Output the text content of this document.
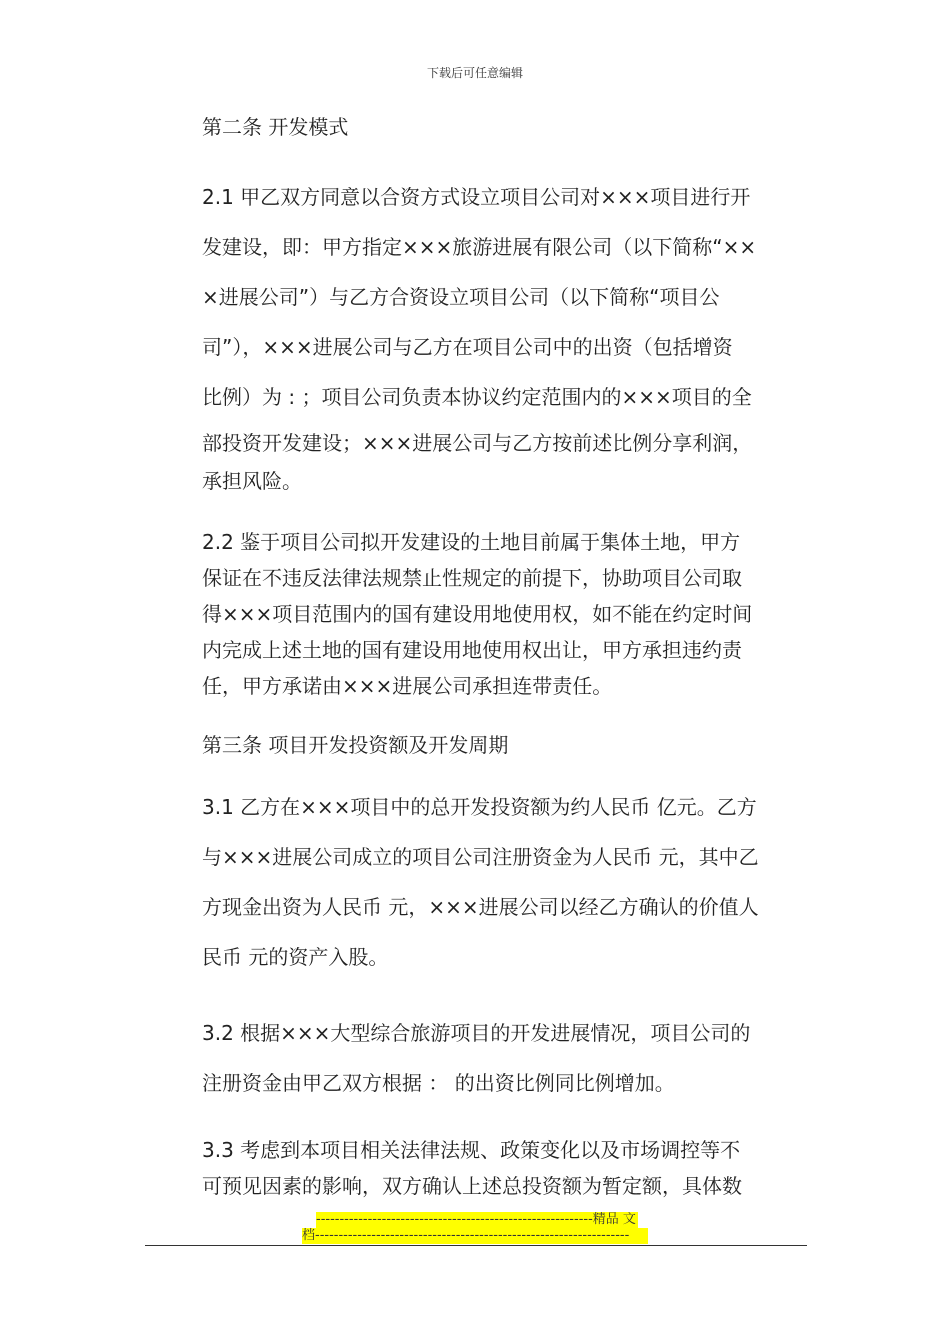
下载后可任意编辑
第二条 开发模式
2.1 甲乙双方同意以合资方式设立项目公司对×××项目进行开
发建设，即：甲方指定×××旅游进展有限公司（以下简称“××
×进展公司”）与乙方合资设立项目公司（以下简称“项目公
司”），×××进展公司与乙方在项目公司中的出资（包括增资
比例）为 : ；项目公司负责本协议约定范围内的×××项目的全
部投资开发建设；×××进展公司与乙方按前述比例分享利润，
承担风险。
2.2 鉴于项目公司拟开发建设的土地目前属于集体土地，甲方
保证在不违反法律法规禁止性规定的前提下，协助项目公司取
得×××项目范围内的国有建设用地使用权，如不能在约定时间
内完成上述土地的国有建设用地使用权出让，甲方承担违约责
任，甲方承诺由×××进展公司承担连带责任。
第三条 项目开发投资额及开发周期
3.1 乙方在×××项目中的总开发投资额为约人民币 亿元。乙方
与×××进展公司成立的项目公司注册资金为人民币 元，其中乙
方现金出资为人民币 元，×××进展公司以经乙方确认的价值人
民币 元的资产入股。
3.2 根据×××大型综合旅游项目的开发进展情况，项目公司的
注册资金由甲乙双方根据 ： 的出资比例同比例增加。
3.3 考虑到本项目相关法律法规、政策变化以及市场调控等不
可预见因素的影响，双方确认上述总投资额为暂定额，具体数
-----------------------------------------------------------精品 文
档-------------------------------------------------------------------
